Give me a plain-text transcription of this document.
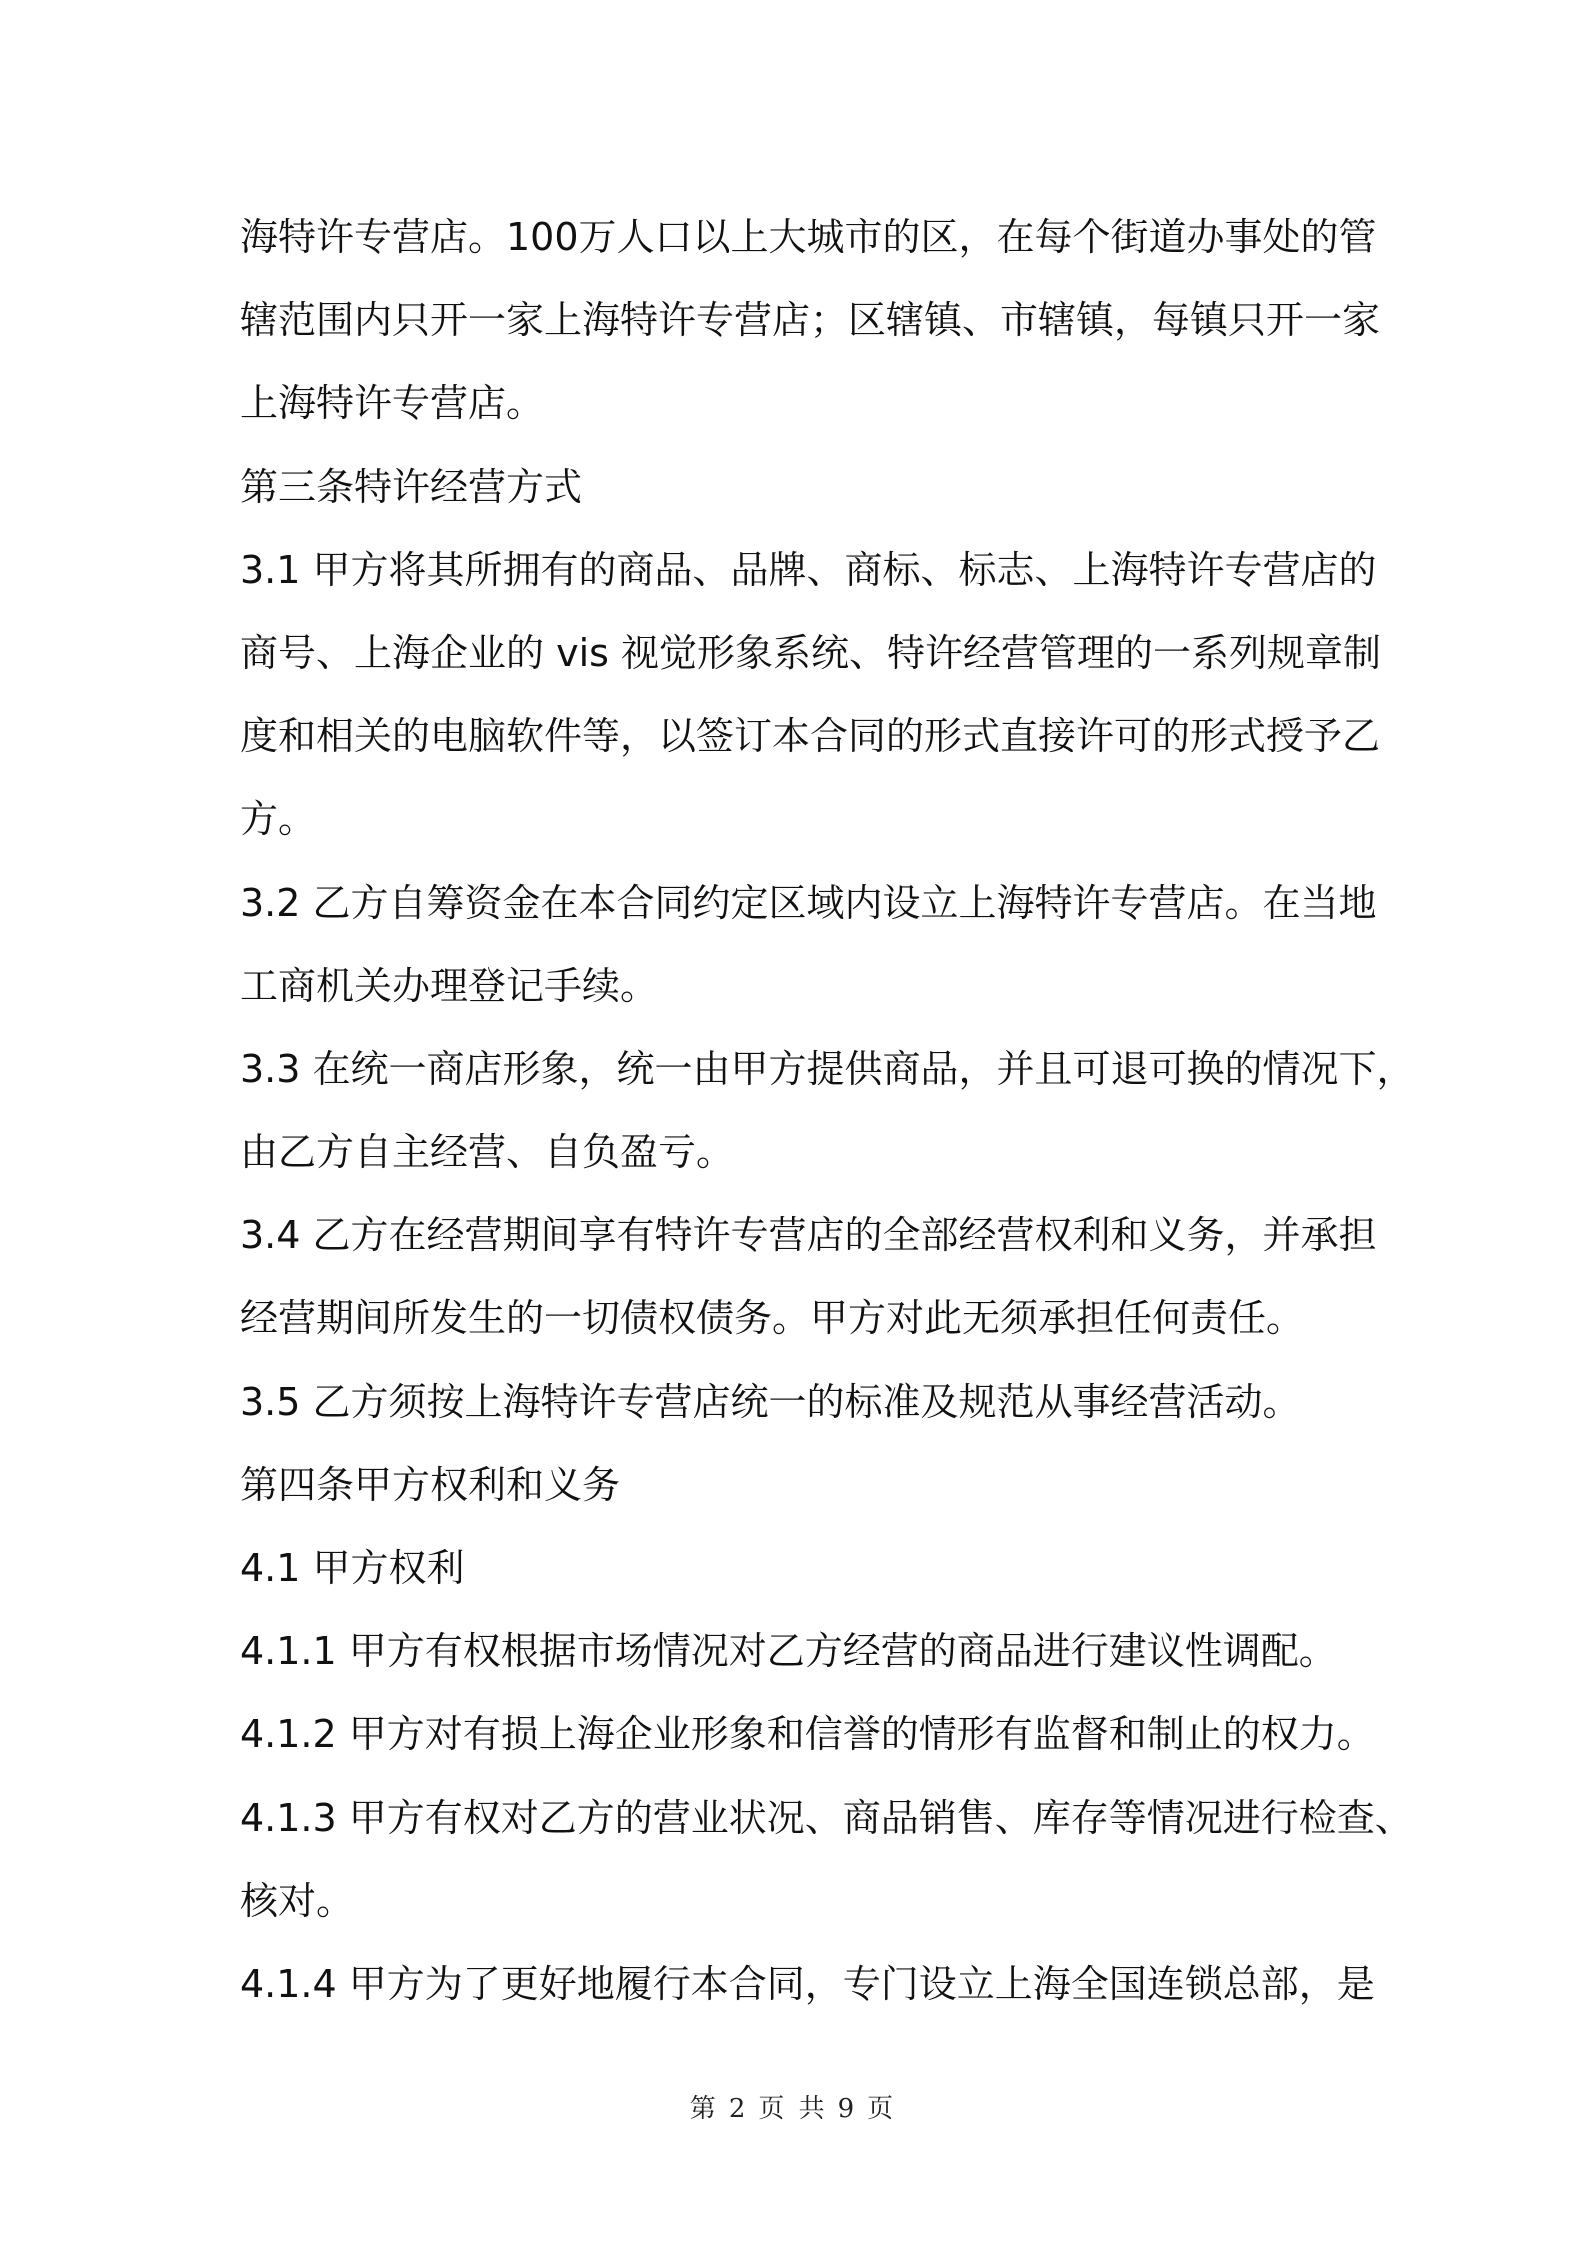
海特许专营店。100万人口以上大城市的区，在每个街道办事处的管
辖范围内只开一家上海特许专营店；区辖镇、市辖镇，每镇只开一家
上海特许专营店。
第三条特许经营方式
3.1 甲方将其所拥有的商品、品牌、商标、标志、上海特许专营店的
商号、上海企业的 vis 视觉形象系统、特许经营管理的一系列规章制
度和相关的电脑软件等，以签订本合同的形式直接许可的形式授予乙
方。
3.2 乙方自筹资金在本合同约定区域内设立上海特许专营店。在当地
工商机关办理登记手续。
3.3 在统一商店形象，统一由甲方提供商品，并且可退可换的情况下，
由乙方自主经营、自负盈亏。
3.4 乙方在经营期间享有特许专营店的全部经营权利和义务，并承担
经营期间所发生的一切债权债务。甲方对此无须承担任何责任。
3.5 乙方须按上海特许专营店统一的标准及规范从事经营活动。
第四条甲方权利和义务
4.1 甲方权利
4.1.1 甲方有权根据市场情况对乙方经营的商品进行建议性调配。
4.1.2 甲方对有损上海企业形象和信誉的情形有监督和制止的权力。
4.1.3 甲方有权对乙方的营业状况、商品销售、库存等情况进行检查、
核对。
4.1.4 甲方为了更好地履行本合同，专门设立上海全国连锁总部，是
第 2 页 共 9 页
